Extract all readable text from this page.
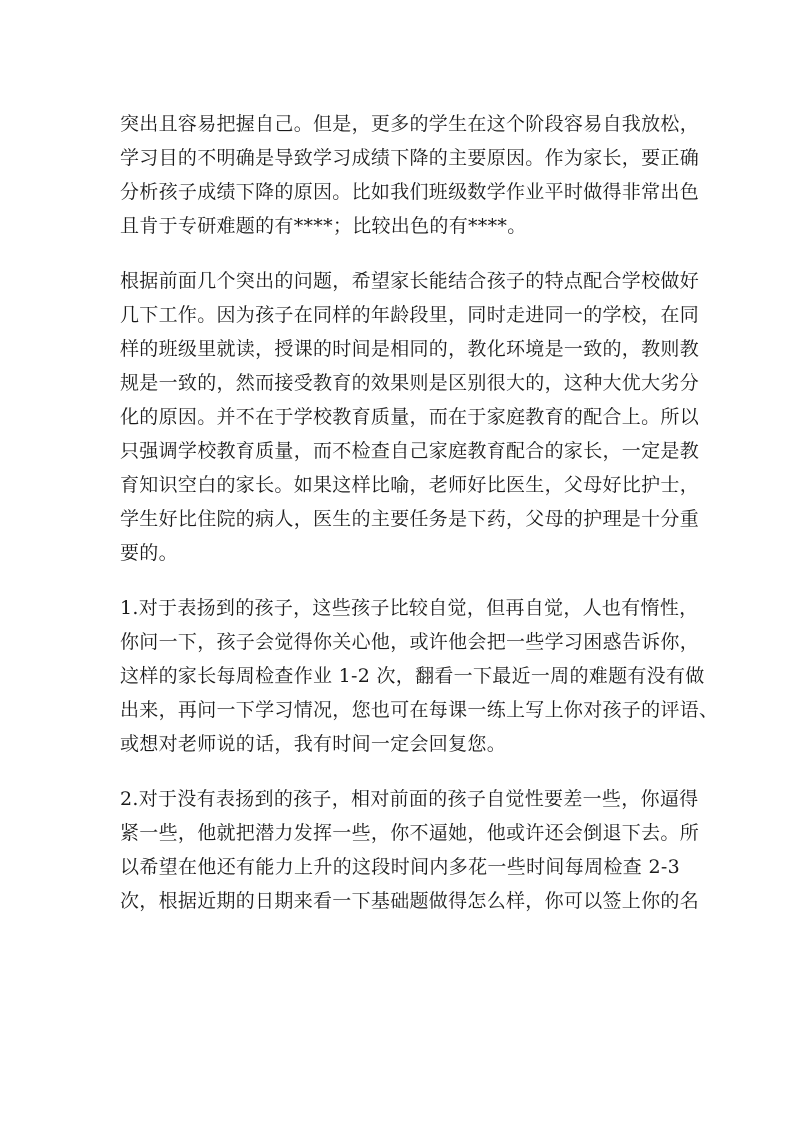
突出且容易把握自己。但是，更多的学生在这个阶段容易自我放松，
学习目的不明确是导致学习成绩下降的主要原因。作为家长，要正确
分析孩子成绩下降的原因。比如我们班级数学作业平时做得非常出色
且肯于专研难题的有****；比较出色的有****。
根据前面几个突出的问题，希望家长能结合孩子的特点配合学校做好
几下工作。因为孩子在同样的年龄段里，同时走进同一的学校，在同
样的班级里就读，授课的时间是相同的，教化环境是一致的，教则教
规是一致的，然而接受教育的效果则是区别很大的，这种大优大劣分
化的原因。并不在于学校教育质量，而在于家庭教育的配合上。所以
只强调学校教育质量，而不检查自己家庭教育配合的家长，一定是教
育知识空白的家长。如果这样比喻，老师好比医生，父母好比护士，
学生好比住院的病人，医生的主要任务是下药，父母的护理是十分重
要的。
1.对于表扬到的孩子，这些孩子比较自觉，但再自觉，人也有惰性，
你问一下，孩子会觉得你关心他，或许他会把一些学习困惑告诉你，
这样的家长每周检查作业 1-2 次，翻看一下最近一周的难题有没有做
出来，再问一下学习情况，您也可在每课一练上写上你对孩子的评语、
或想对老师说的话，我有时间一定会回复您。
2.对于没有表扬到的孩子，相对前面的孩子自觉性要差一些，你逼得
紧一些，他就把潜力发挥一些，你不逼她，他或许还会倒退下去。所
以希望在他还有能力上升的这段时间内多花一些时间每周检查 2-3
次，根据近期的日期来看一下基础题做得怎么样，你可以签上你的名
